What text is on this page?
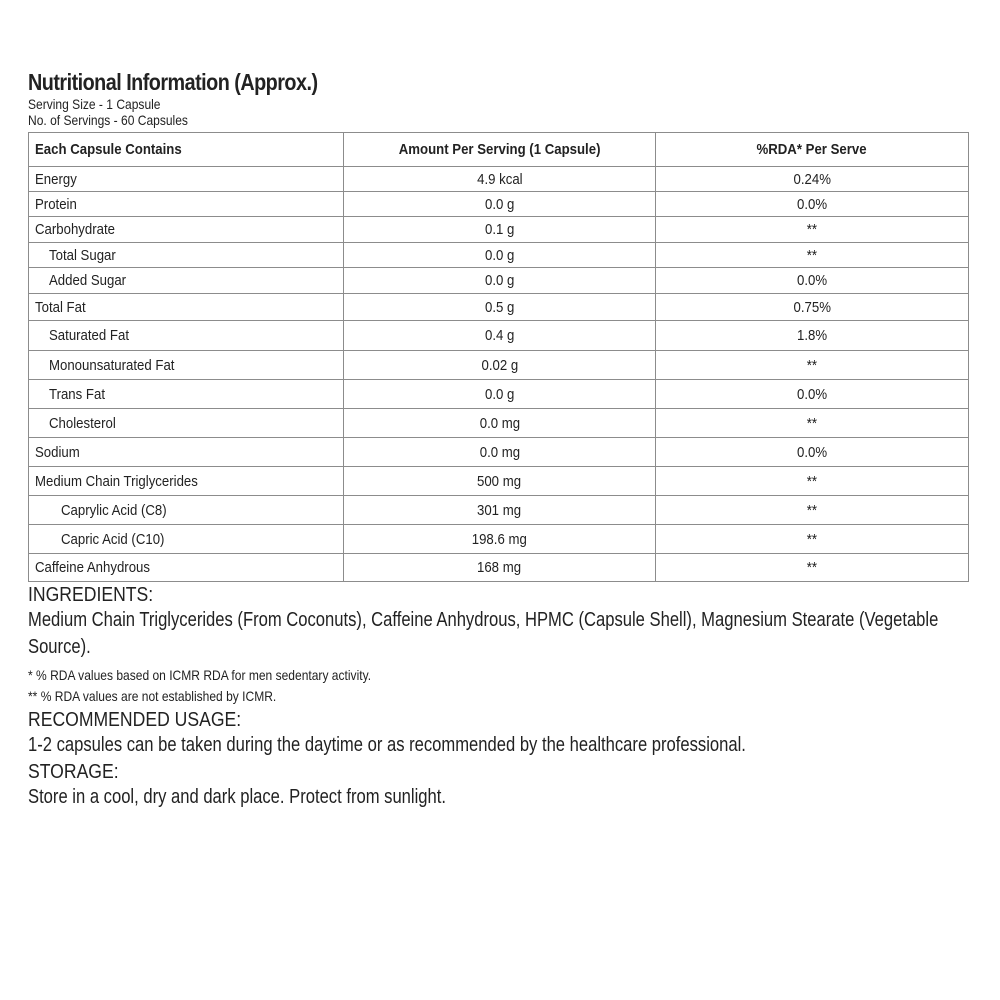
Nutritional Information (Approx.)
Serving Size - 1 Capsule
No. of Servings - 60 Capsules
Each Capsule Contains	Amount Per Serving (1 Capsule)	%RDA* Per Serve
Energy	4.9 kcal	0.24%
Protein	0.0 g	0.0%
Carbohydrate	0.1 g	**
Total Sugar	0.0 g	**
Added Sugar	0.0 g	0.0%
Total Fat	0.5 g	0.75%
Saturated Fat	0.4 g	1.8%
Monounsaturated Fat	0.02 g	**
Trans Fat	0.0 g	0.0%
Cholesterol	0.0 mg	**
Sodium	0.0 mg	0.0%
Medium Chain Triglycerides	500 mg	**
Caprylic Acid (C8)	301 mg	**
Capric Acid (C10)	198.6 mg	**
Caffeine Anhydrous	168 mg	**
INGREDIENTS:
Medium Chain Triglycerides (From Coconuts), Caffeine Anhydrous, HPMC (Capsule Shell), Magnesium Stearate (Vegetable Source).
* % RDA values based on ICMR RDA for men sedentary activity.
** % RDA values are not established by ICMR.
RECOMMENDED USAGE:
1-2 capsules can be taken during the daytime or as recommended by the healthcare professional.
STORAGE:
Store in a cool, dry and dark place. Protect from sunlight.
